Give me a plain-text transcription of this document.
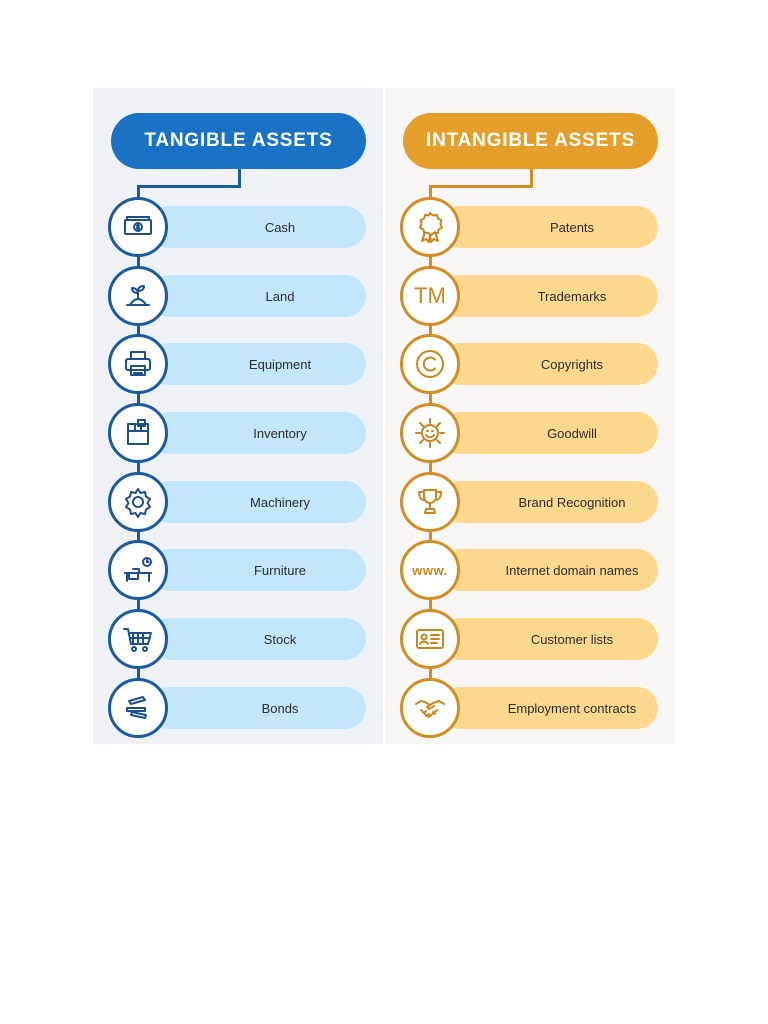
TANGIBLE ASSETS
Cash
Land
Equipment
Inventory
Machinery
Furniture
Stock
Bonds
INTANGIBLE ASSETS
Patents
Trademarks
TM
Copyrights
Goodwill
Brand Recognition
Internet domain names
www.
Customer lists
Employment contracts
